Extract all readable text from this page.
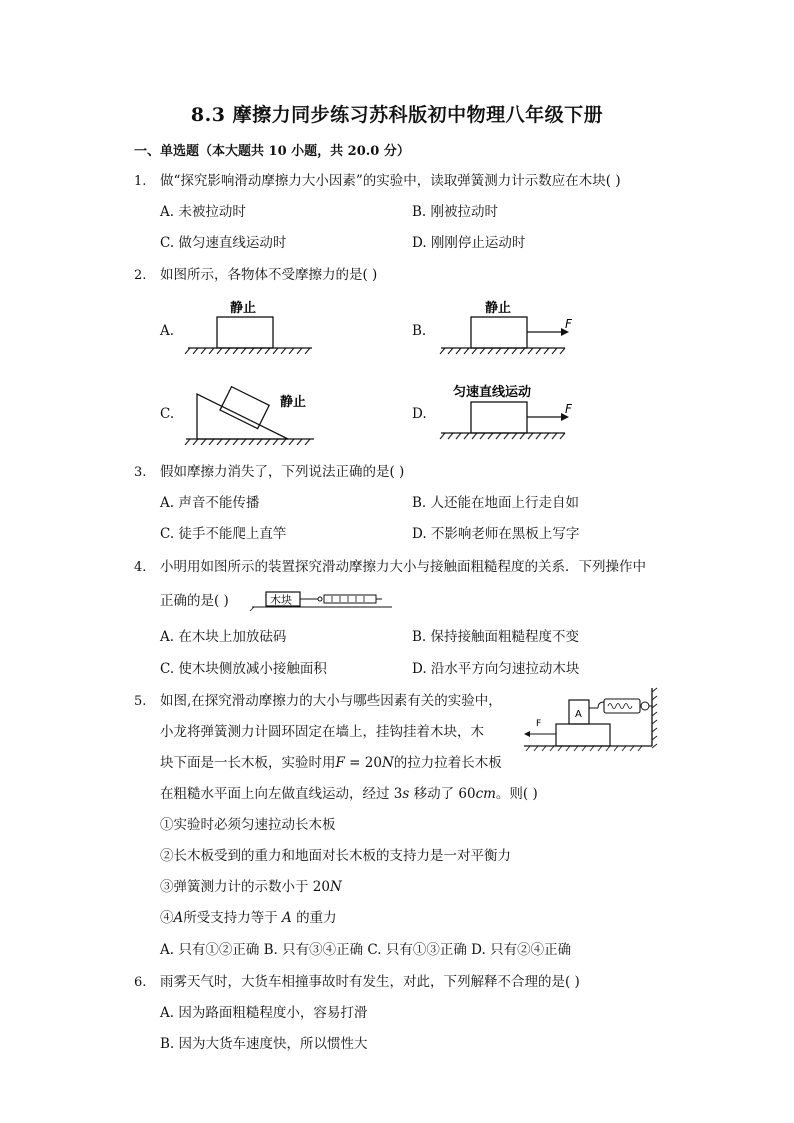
8.3 摩擦力同步练习苏科版初中物理八年级下册
一、单选题（本大题共 10 小题，共 20.0 分）
1. 做“探究影响滑动摩擦力大小因素”的实验中，读取弹簧测力计示数应在木块( )
A. 未被拉动时	B. 刚被拉动时
C. 做匀速直线运动时	D. 刚刚停止运动时
2. 如图所示，各物体不受摩擦力的是( )
A.	B.
C.	D.
静止	静止
F
静止
匀速直线运动
F
3. 假如摩擦力消失了，下列说法正确的是( )
A. 声音不能传播	B. 人还能在地面上行走自如
C. 徒手不能爬上直竿	D. 不影响老师在黑板上写字
4. 小明用如图所示的装置探究滑动摩擦力大小与接触面粗糙程度的关系．下列操作中
正确的是( )	木块
A. 在木块上加放砝码	B. 保持接触面粗糙程度不变
C. 使木块侧放减小接触面积	D. 沿水平方向匀速拉动木块
5. 如图,在探究滑动摩擦力的大小与哪些因素有关的实验中，
小龙将弹簧测力计圆环固定在墙上，挂钩挂着木块，木
块下面是一长木板，实验时用𝐹 = 20𝑁的拉力拉着长木板
在粗糙水平面上向左做直线运动，经过 3𝑠 移动了 60𝑐𝑚。则( )
A
F
①实验时必须匀速拉动长木板
②长木板受到的重力和地面对长木板的支持力是一对平衡力
③弹簧测力计的示数小于 20𝑁
④𝐴所受支持力等于 𝐴 的重力
A. 只有①②正确 B. 只有③④正确 C. 只有①③正确 D. 只有②④正确
6. 雨雾天气时，大货车相撞事故时有发生，对此，下列解释不合理的是( )
A. 因为路面粗糙程度小，容易打滑
B. 因为大货车速度快，所以惯性大
